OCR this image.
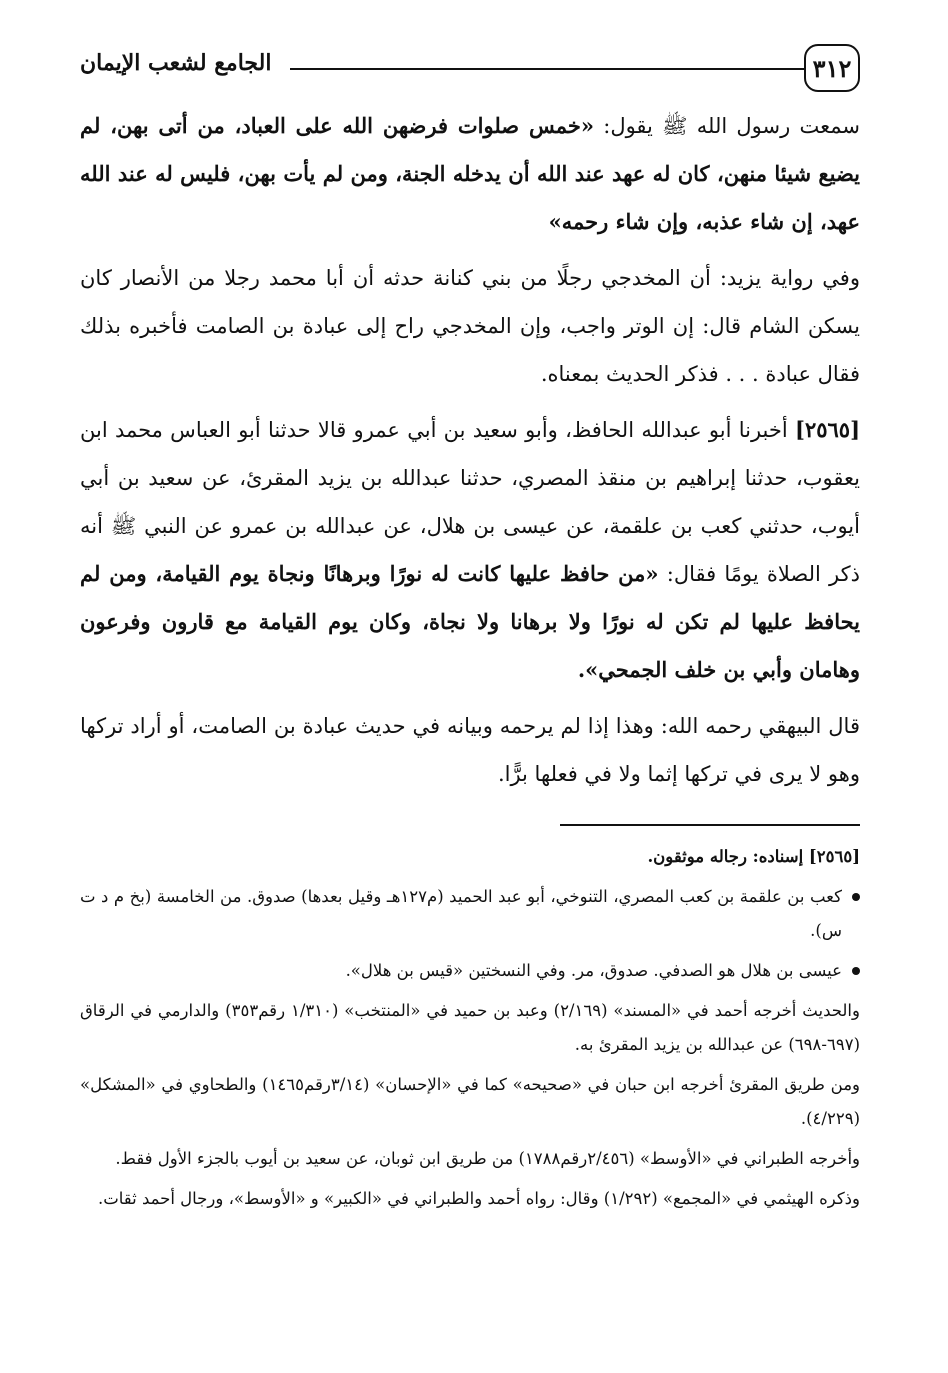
٣١٢
الجامع لشعب الإيمان

سمعت رسول الله ﷺ يقول: «خمس صلوات فرضهن الله على العباد، من أتى بهن، لم يضيع شيئا منهن، كان له عهد عند الله أن يدخله الجنة، ومن لم يأت بهن، فليس له عند الله عهد، إن شاء عذبه، وإن شاء رحمه»

وفي رواية يزيد: أن المخدجي رجلًا من بني كنانة حدثه أن أبا محمد رجلا من الأنصار كان يسكن الشام قال: إن الوتر واجب، وإن المخدجي راح إلى عبادة بن الصامت فأخبره بذلك فقال عبادة . . . فذكر الحديث بمعناه.

[٢٥٦٥] أخبرنا أبو عبدالله الحافظ، وأبو سعيد بن أبي عمرو قالا حدثنا أبو العباس محمد ابن يعقوب، حدثنا إبراهيم بن منقذ المصري، حدثنا عبدالله بن يزيد المقرئ، عن سعيد بن أبي أيوب، حدثني كعب بن علقمة، عن عيسى بن هلال، عن عبدالله بن عمرو عن النبي ﷺ أنه ذكر الصلاة يومًا فقال: «من حافظ عليها كانت له نورًا وبرهانًا ونجاة يوم القيامة، ومن لم يحافظ عليها لم تكن له نورًا ولا برهانا ولا نجاة، وكان يوم القيامة مع قارون وفرعون وهامان وأبي بن خلف الجمحي».

قال البيهقي رحمه الله: وهذا إذا لم يرحمه وبيانه في حديث عبادة بن الصامت، أو أراد تركها وهو لا يرى في تركها إثما ولا في فعلها برًّا.

[٢٥٦٥] إسناده: رجاله موثقون.

كعب بن علقمة بن كعب المصري، التنوخي، أبو عبد الحميد (م١٢٧هـ وقيل بعدها) صدوق. من الخامسة (بخ م د ت س).

عيسى بن هلال هو الصدفي. صدوق، مر. وفي النسختين «قيس بن هلال».

والحديث أخرجه أحمد في «المسند» (٢/١٦٩) وعبد بن حميد في «المنتخب» (١/٣١٠ رقم٣٥٣) والدارمي في الرقاق (٦٩٧-٦٩٨) عن عبدالله بن يزيد المقرئ به.

ومن طريق المقرئ أخرجه ابن حبان في «صحيحه» كما في «الإحسان» (٣/١٤رقم١٤٦٥) والطحاوي في «المشكل» (٤/٢٢٩).

وأخرجه الطبراني في «الأوسط» (٢/٤٥٦رقم١٧٨٨) من طريق ابن ثوبان، عن سعيد بن أيوب بالجزء الأول فقط.

وذكره الهيثمي في «المجمع» (١/٢٩٢) وقال: رواه أحمد والطبراني في «الكبير» و «الأوسط»، ورجال أحمد ثقات.
